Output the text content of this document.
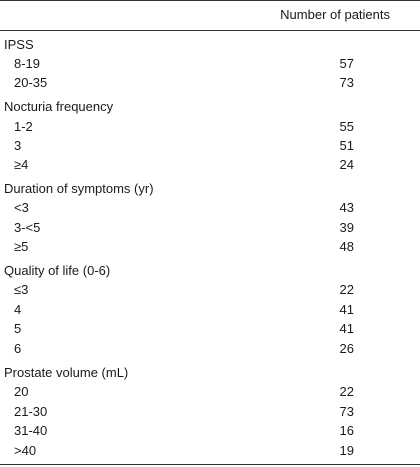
Number of patients
IPSS
8-19	57
20-35	73
Nocturia frequency
1-2	55
3	51
≥4	24
Duration of symptoms (yr)
<3	43
3-<5	39
≥5	48
Quality of life (0-6)
≤3	22
4	41
5	41
6	26
Prostate volume (mL)
20	22
21-30	73
31-40	16
>40	19
